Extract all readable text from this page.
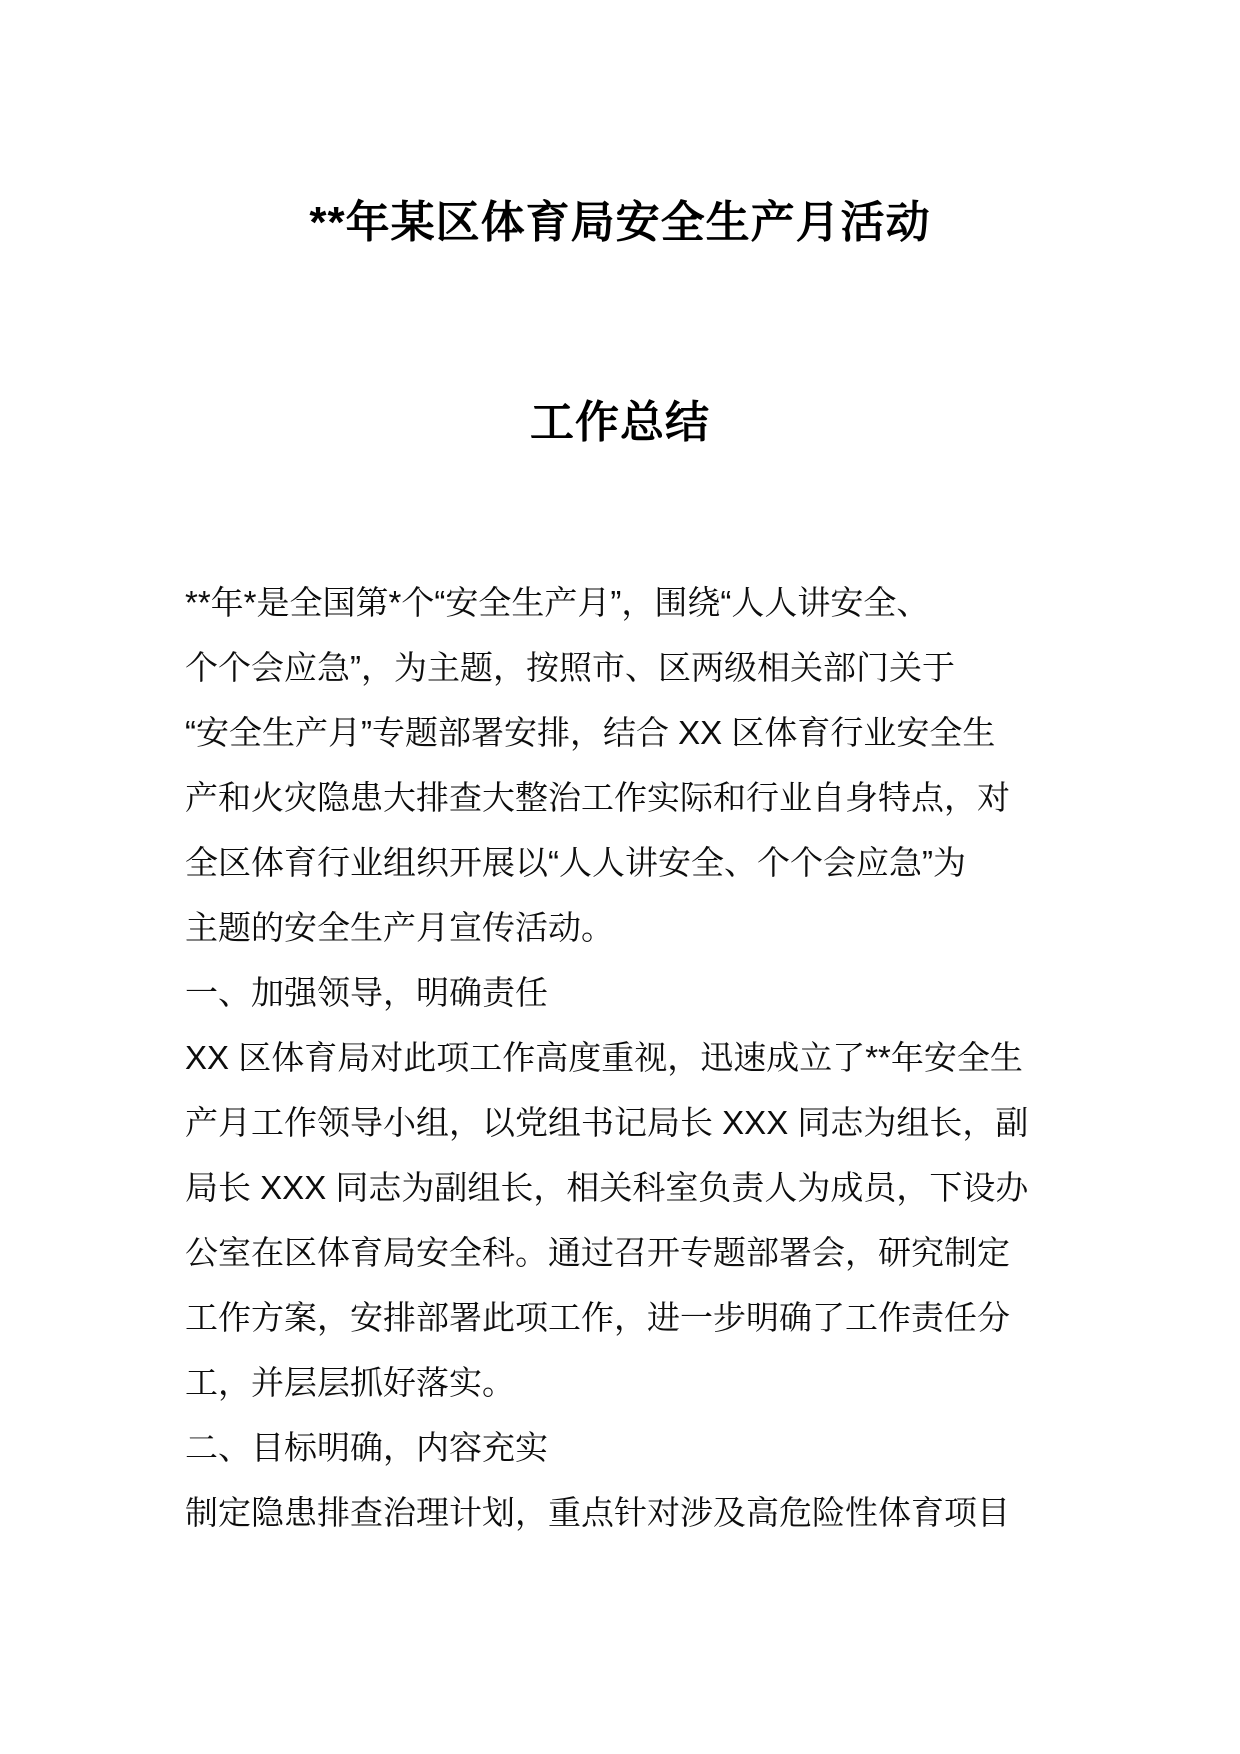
**年某区体育局安全生产月活动
工作总结
**年*是全国第*个“安全生产月”，围绕“人人讲安全、
个个会应急”，为主题，按照市、区两级相关部门关于
“安全生产月”专题部署安排，结合 XX 区体育行业安全生
产和火灾隐患大排查大整治工作实际和行业自身特点，对
全区体育行业组织开展以“人人讲安全、个个会应急”为
主题的安全生产月宣传活动。
一、加强领导，明确责任
XX 区体育局对此项工作高度重视，迅速成立了**年安全生
产月工作领导小组，以党组书记局长 XXX 同志为组长，副
局长 XXX 同志为副组长，相关科室负责人为成员，下设办
公室在区体育局安全科。通过召开专题部署会，研究制定
工作方案，安排部署此项工作，进一步明确了工作责任分
工，并层层抓好落实。
二、目标明确，内容充实
制定隐患排查治理计划，重点针对涉及高危险性体育项目
